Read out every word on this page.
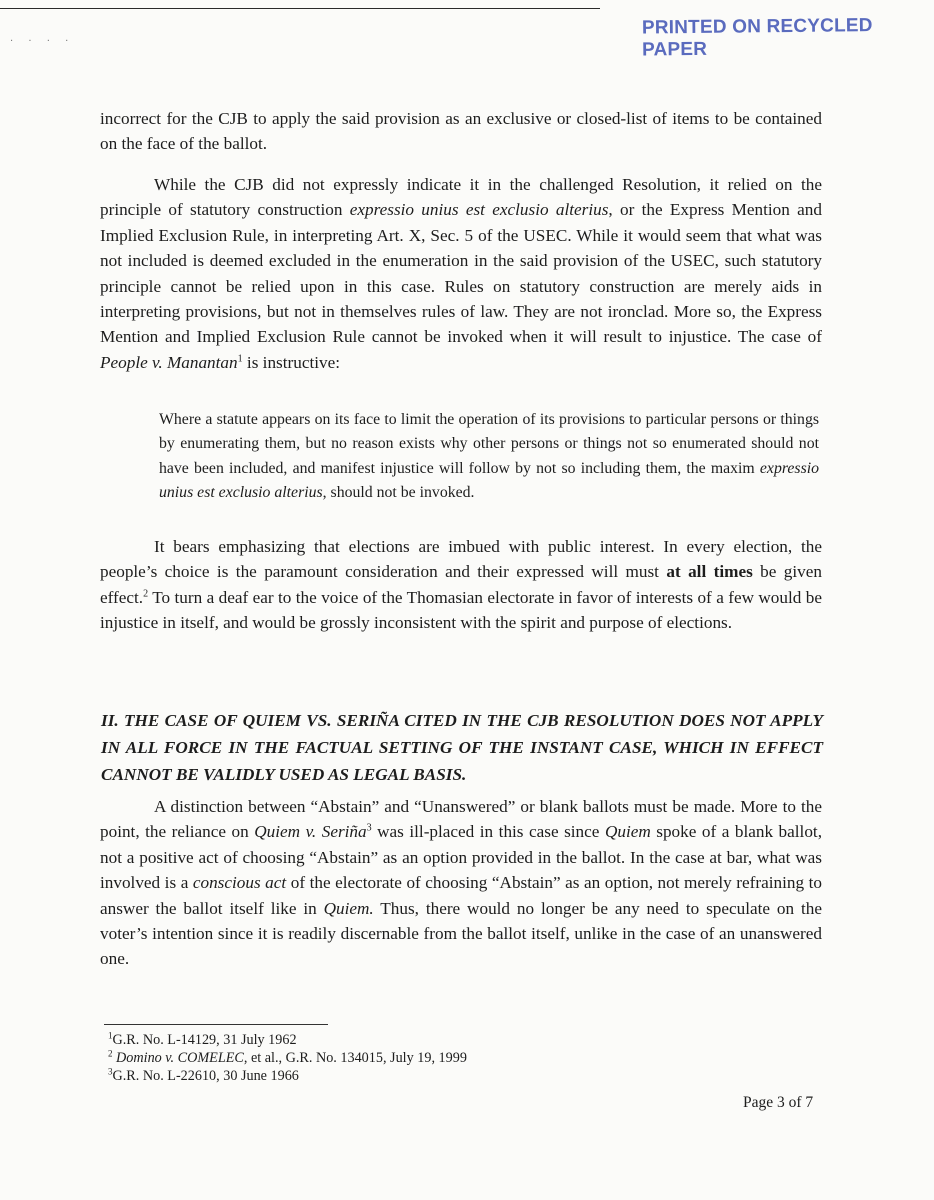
· · · ·
PRINTED ON RECYCLED PAPER
incorrect for the CJB to apply the said provision as an exclusive or closed-list of items to be contained on the face of the ballot.
While the CJB did not expressly indicate it in the challenged Resolution, it relied on the principle of statutory construction expressio unius est exclusio alterius, or the Express Mention and Implied Exclusion Rule, in interpreting Art. X, Sec. 5 of the USEC. While it would seem that what was not included is deemed excluded in the enumeration in the said provision of the USEC, such statutory principle cannot be relied upon in this case. Rules on statutory construction are merely aids in interpreting provisions, but not in themselves rules of law. They are not ironclad. More so, the Express Mention and Implied Exclusion Rule cannot be invoked when it will result to injustice. The case of People v. Manantan$^1$ is instructive:
Where a statute appears on its face to limit the operation of its provisions to particular persons or things by enumerating them, but no reason exists why other persons or things not so enumerated should not have been included, and manifest injustice will follow by not so including them, the maxim expressio unius est exclusio alterius, should not be invoked.
It bears emphasizing that elections are imbued with public interest. In every election, the people’s choice is the paramount consideration and their expressed will must at all times be given effect.$^2$ To turn a deaf ear to the voice of the Thomasian electorate in favor of interests of a few would be injustice in itself, and would be grossly inconsistent with the spirit and purpose of elections.
II. THE CASE OF QUIEM VS. SERIÑA CITED IN THE CJB RESOLUTION DOES NOT APPLY IN ALL FORCE IN THE FACTUAL SETTING OF THE INSTANT CASE, WHICH IN EFFECT CANNOT BE VALIDLY USED AS LEGAL BASIS.
A distinction between “Abstain” and “Unanswered” or blank ballots must be made. More to the point, the reliance on Quiem v. Seriña$^3$ was ill-placed in this case since Quiem spoke of a blank ballot, not a positive act of choosing “Abstain” as an option provided in the ballot. In the case at bar, what was involved is a conscious act of the electorate of choosing “Abstain” as an option, not merely refraining to answer the ballot itself like in Quiem. Thus, there would no longer be any need to speculate on the voter’s intention since it is readily discernable from the ballot itself, unlike in the case of an unanswered one.
$^1$G.R. No. L-14129, 31 July 1962
$^2$ Domino v. COMELEC, et al., G.R. No. 134015, July 19, 1999
$^3$G.R. No. L-22610, 30 June 1966
Page 3 of 7
